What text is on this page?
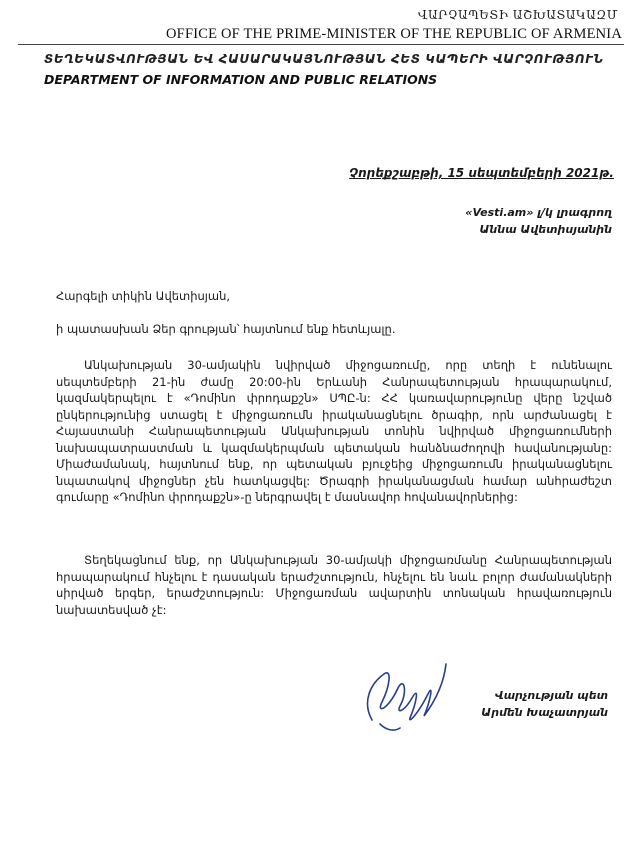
ՎԱՐՉԱՊԵՏԻ ԱՇԽԱՏԱԿԱԶՄ
OFFICE OF THE PRIME-MINISTER OF THE REPUBLIC OF ARMENIA
ՏԵՂԵԿԱՏՎՈՒԹՅԱՆ ԵՎ ՀԱՍԱՐԱԿԱՅՆՈՒԹՅԱՆ ՀԵՏ ԿԱՊԵՐԻ ՎԱՐՉՈՒԹՅՈՒՆ
DEPARTMENT OF INFORMATION AND PUBLIC RELATIONS
Չորեքշաբթի, 15 սեպտեմբերի 2021թ.
«Vesti.am» լ/կ լրագրող
Աննա Ավետիսյանին
Հարգելի տիկին Ավետիսյան,
ի պատասխան Ձեր գրության՝ հայտնում ենք հետևյալը.

Անկախության 30-ամյակին նվիրված միջոցառումը, որը տեղի է ունենալու սեպտեմբերի 21-ին ժամը 20:00-ին Երևանի Հանրապետության հրապարակում, կազմակերպելու է «Դոմինո փրոդաքշն» ՍՊԸ-ն: ՀՀ կառավարությունը վերը նշված ընկերությունից ստացել է միջոցառումն իրականացնելու ծրագիր, որն արժանացել է Հայաստանի Հանրապետության Անկախության տոնին նվիրված միջոցառումների նախապատրաստման և կազմակերպման պետական հանձնաժողովի հավանությանը: Միաժամանակ, հայտնում ենք, որ պետական բյուջեից միջոցառումն իրականացնելու նպատակով միջոցներ չեն հատկացվել: Ծրագրի իրականացման համար անհրաժեշտ գումարը «Դոմինո փրոդաքշն»-ը ներգրավել է մասնավոր հովանավորներից:

Տեղեկացնում ենք, որ Անկախության 30-ամյակի միջոցառմանը Հանրապետության հրապարակում հնչելու է դասական երաժշտություն, հնչելու են նաև բոլոր ժամանակների սիրված երգեր, երաժշտություն: Միջոցառման ավարտին տոնական հրավառություն նախատեսված չէ:

Վարչության պետ
Արմեն Խաչատրյան
